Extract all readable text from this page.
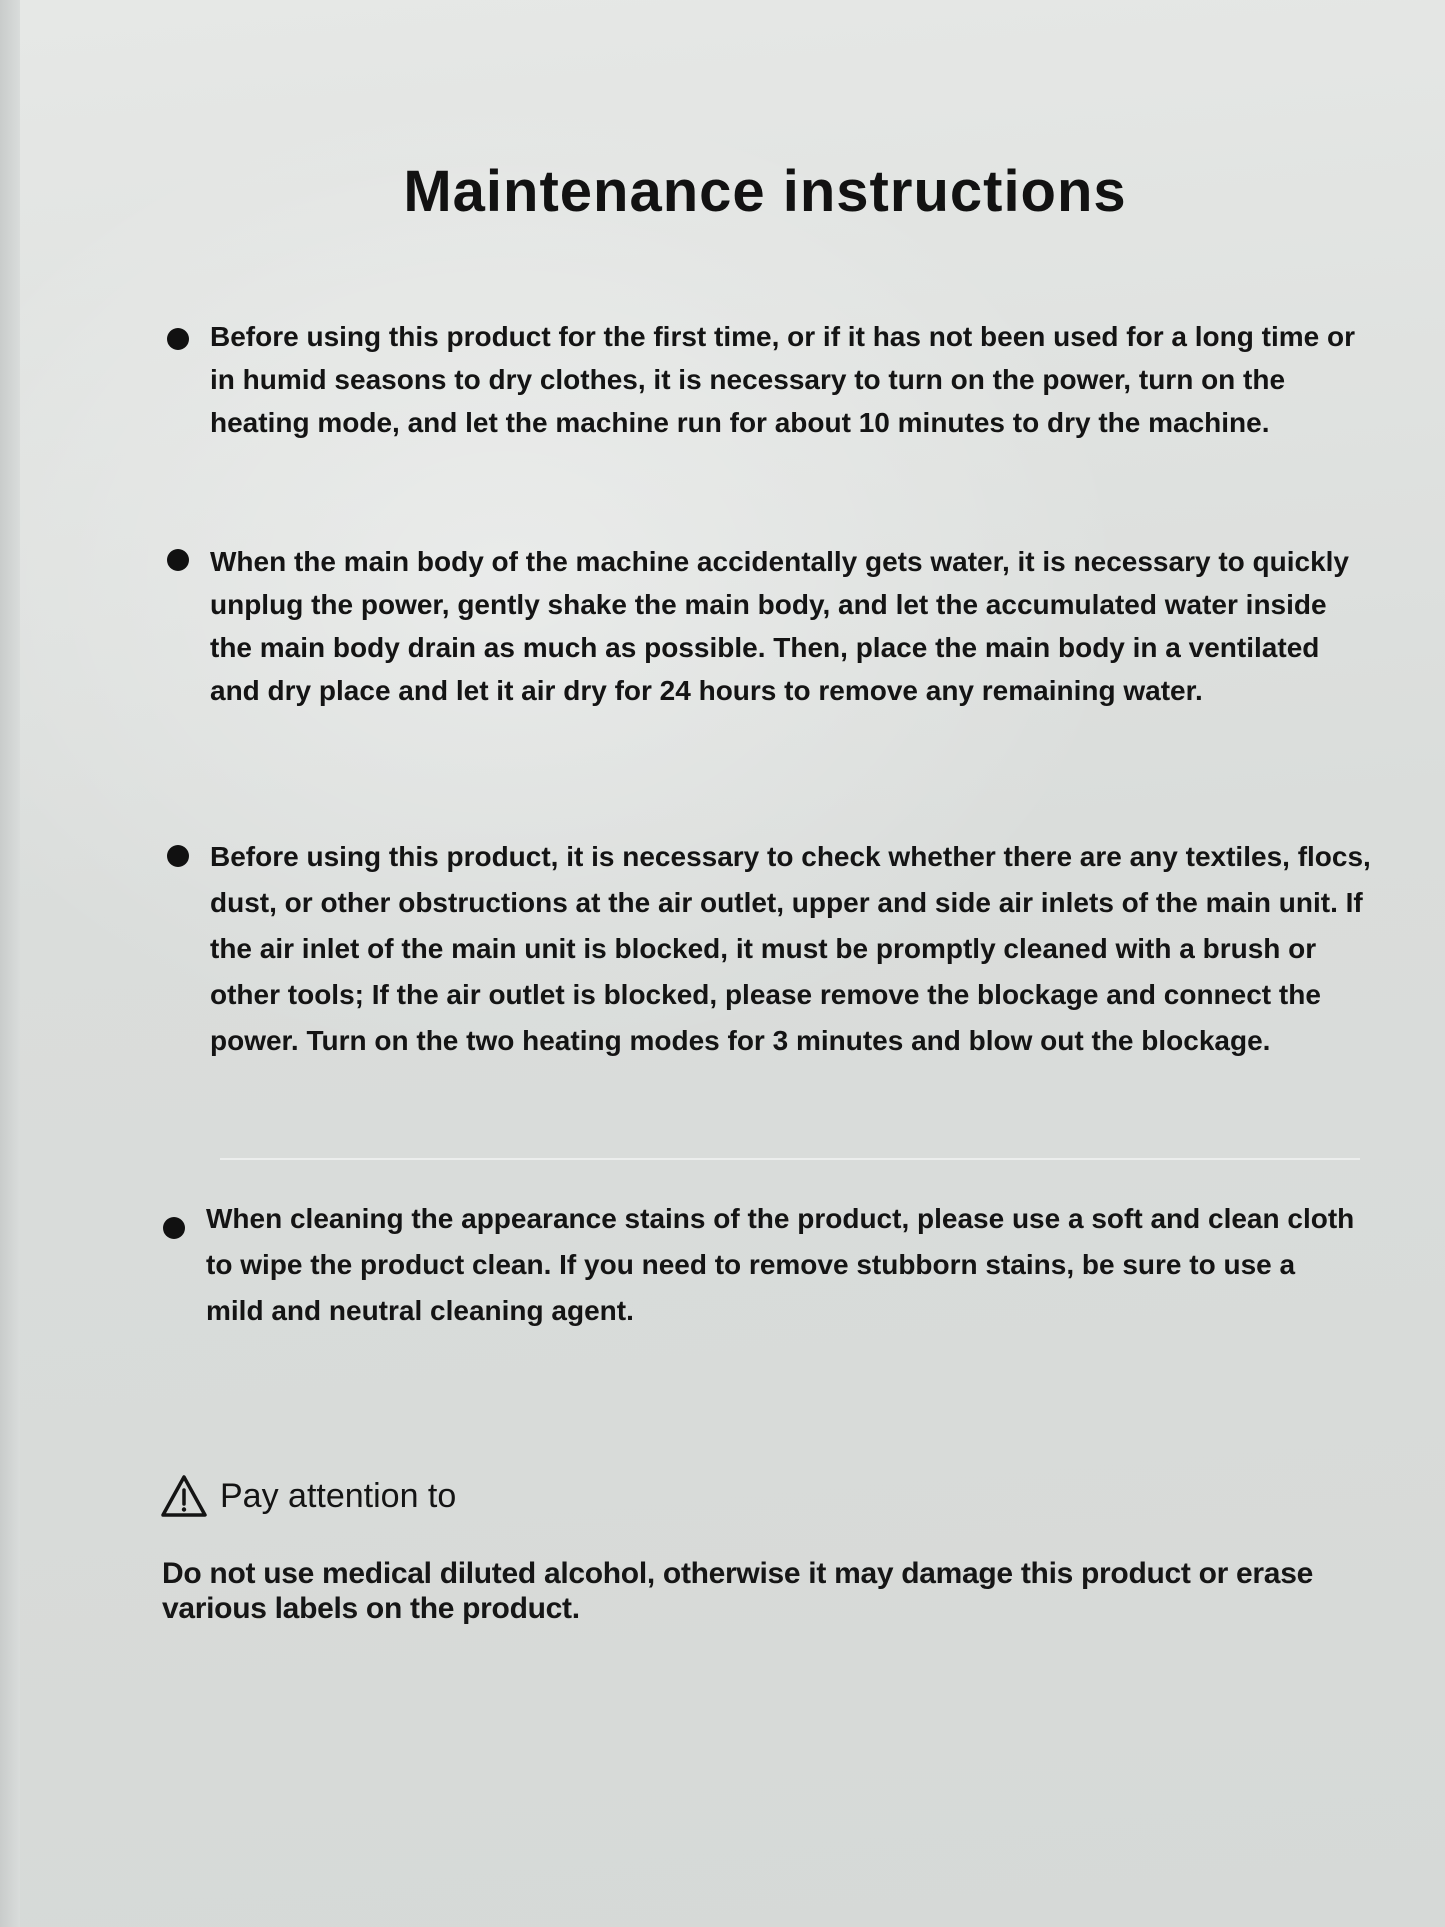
Maintenance instructions
Before using this product for the first time, or if it has not been used for a long time or in humid seasons to dry clothes, it is necessary to turn on the power, turn on the heating mode, and let the machine run for about 10 minutes to dry the machine.
When the main body of the machine accidentally gets water, it is necessary to quickly unplug the power, gently shake the main body, and let the accumulated water inside the main body drain as much as possible. Then, place the main body in a ventilated and dry place and let it air dry for 24 hours to remove any remaining water.
Before using this product, it is necessary to check whether there are any textiles, flocs, dust, or other obstructions at the air outlet, upper and side air inlets of the main unit. If the air inlet of the main unit is blocked, it must be promptly cleaned with a brush or other tools; If the air outlet is blocked, please remove the blockage and connect the power. Turn on the two heating modes for 3 minutes and blow out the blockage.
When cleaning the appearance stains of the product, please use a soft and clean cloth to wipe the product clean. If you need to remove stubborn stains, be sure to use a mild and neutral cleaning agent.
Pay attention to
Do not use medical diluted alcohol, otherwise it may damage this product or erase various labels on the product.
